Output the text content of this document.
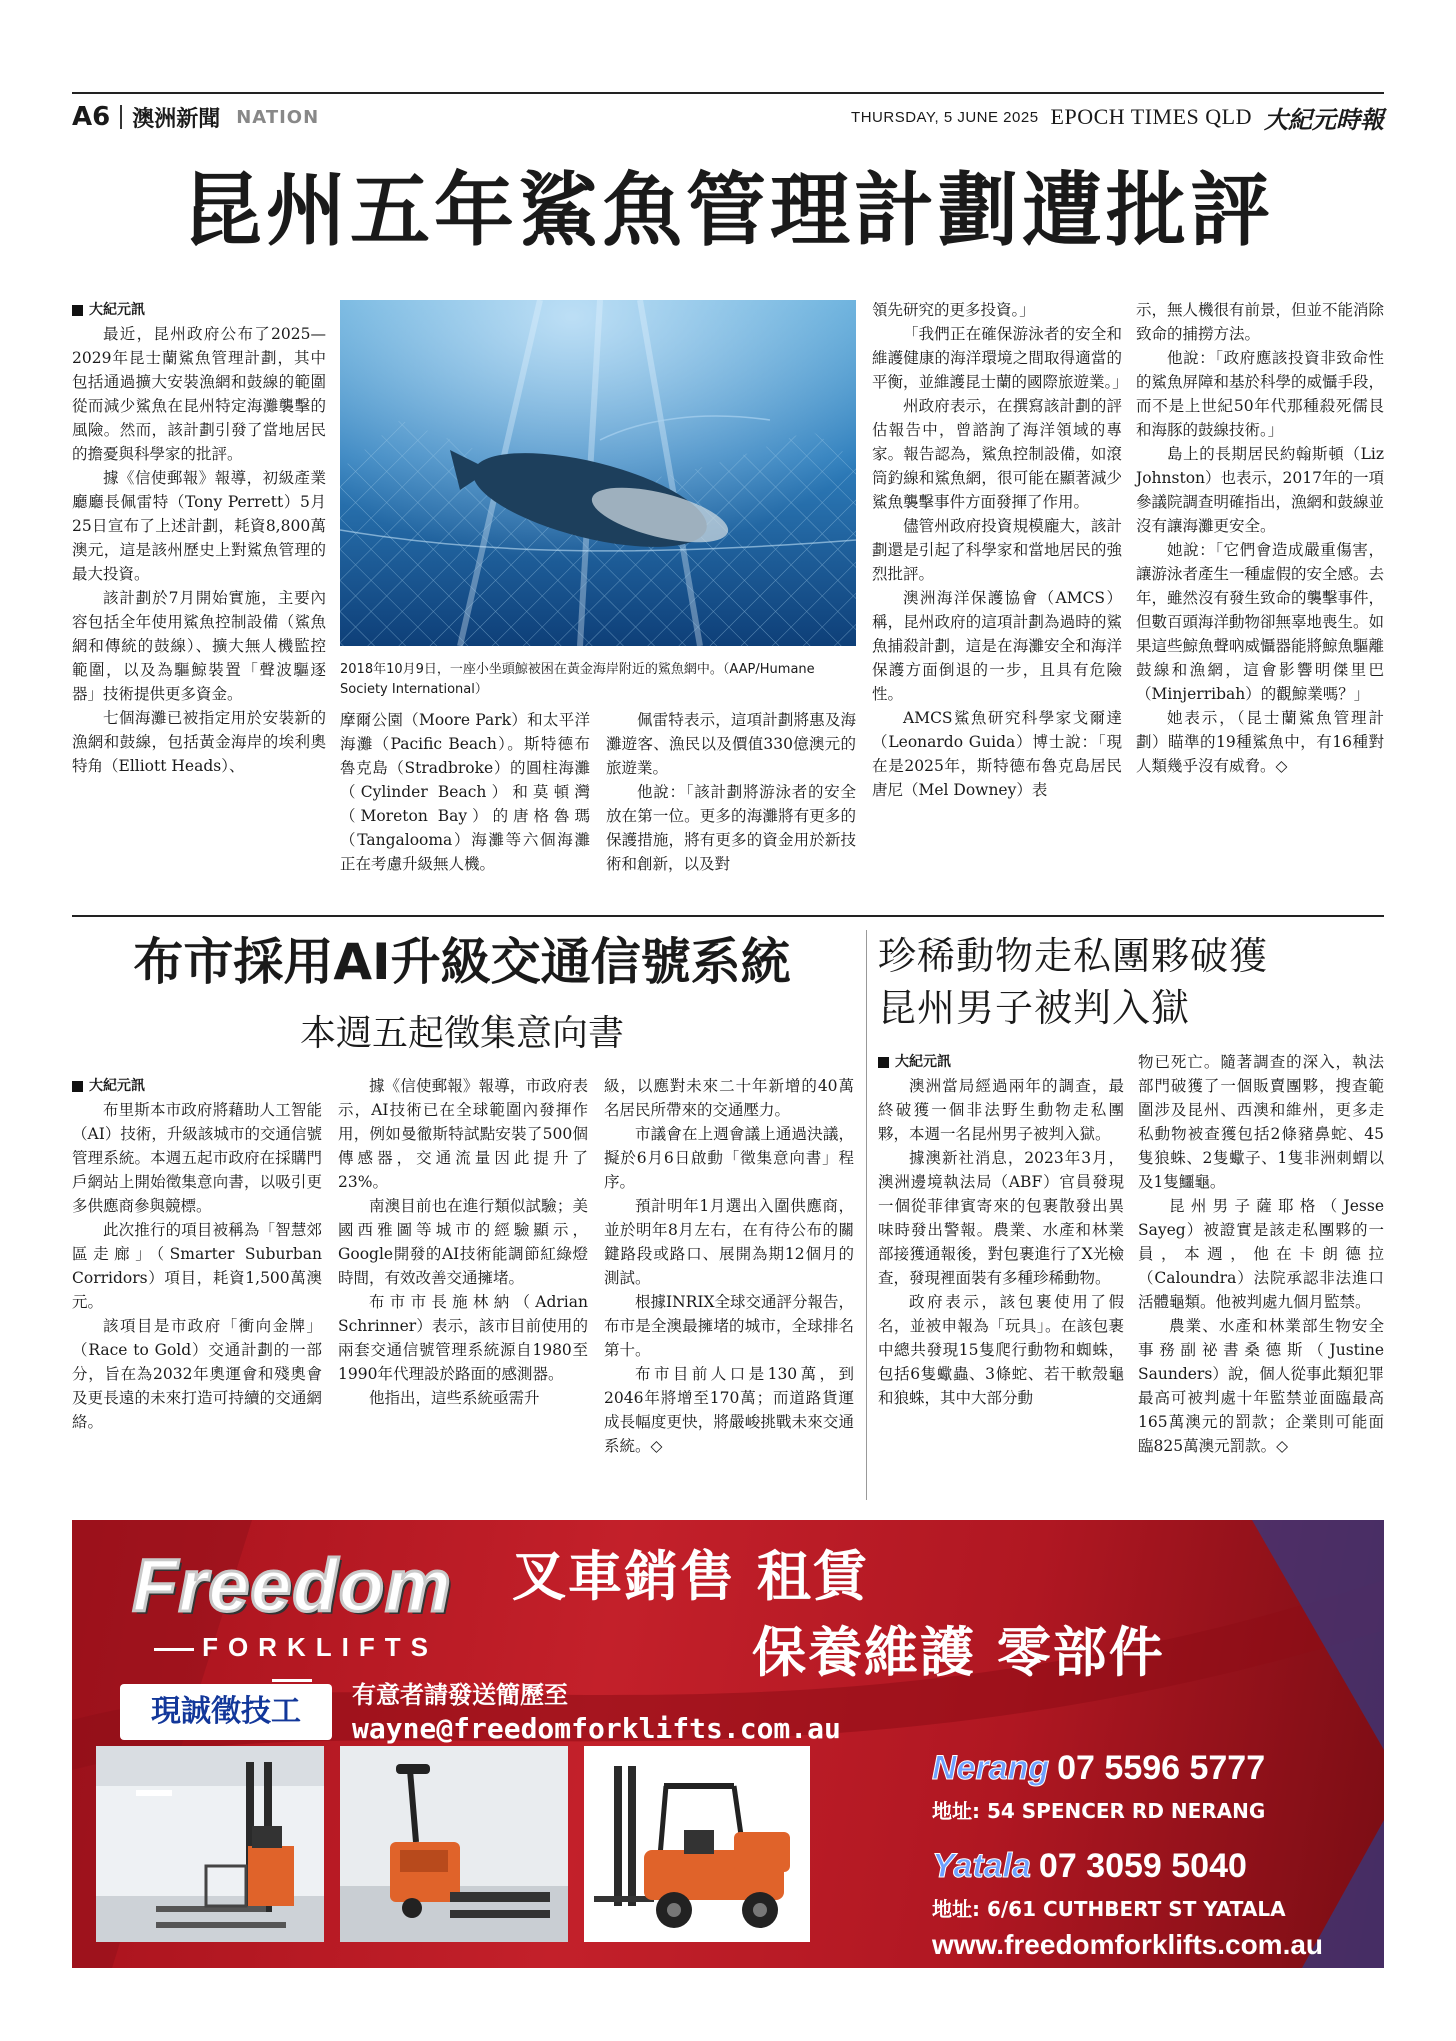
A6 澳洲新聞 NATION	THURSDAY, 5 JUNE 2025 EPOCH TIMES QLD 大紀元時報
昆州五年鯊魚管理計劃遭批評
大紀元訊

最近，昆州政府公布了2025—2029年昆士蘭鯊魚管理計劃，其中包括通過擴大安裝漁網和鼓線的範圍從而減少鯊魚在昆州特定海灘襲擊的風險。然而，該計劃引發了當地居民的擔憂與科學家的批評。

據《信使郵報》報導，初級產業廳廳長佩雷特（Tony Perrett）5月25日宣布了上述計劃，耗資8,800萬澳元，這是該州歷史上對鯊魚管理的最大投資。

該計劃於7月開始實施，主要內容包括全年使用鯊魚控制設備（鯊魚網和傳統的鼓線）、擴大無人機監控範圍，以及為驅鯨裝置「聲波驅逐器」技術提供更多資金。

七個海灘已被指定用於安裝新的漁網和鼓線，包括黃金海岸的埃利奧特角（Elliott Heads）、

2018年10月9日，一座小坐頭鯨被困在黃金海岸附近的鯊魚網中。（AAP/Humane Society International）

摩爾公園（Moore Park）和太平洋海灘（Pacific Beach）。斯特德布魯克島（Stradbroke）的圓柱海灘（Cylinder Beach）和莫頓灣（Moreton Bay）的唐格魯瑪（Tangalooma）海灘等六個海灘正在考慮升級無人機。

佩雷特表示，這項計劃將惠及海灘遊客、漁民以及價值330億澳元的旅遊業。

他說：「該計劃將游泳者的安全放在第一位。更多的海灘將有更多的保護措施，將有更多的資金用於新技術和創新，以及對

領先研究的更多投資。」

「我們正在確保游泳者的安全和維護健康的海洋環境之間取得適當的平衡，並維護昆士蘭的國際旅遊業。」

州政府表示，在撰寫該計劃的評估報告中，曾諮詢了海洋領域的專家。報告認為，鯊魚控制設備，如滾筒釣線和鯊魚網，很可能在顯著減少鯊魚襲擊事件方面發揮了作用。

儘管州政府投資規模龐大，該計劃還是引起了科學家和當地居民的強烈批評。

澳洲海洋保護協會（AMCS）稱，昆州政府的這項計劃為過時的鯊魚捕殺計劃，這是在海灘安全和海洋保護方面倒退的一步，且具有危險性。

AMCS鯊魚研究科學家戈爾達（Leonardo Guida）博士說：「現在是2025年，斯特德布魯克島居民唐尼（Mel Downey）表

示，無人機很有前景，但並不能消除致命的捕撈方法。

他說：「政府應該投資非致命性的鯊魚屏障和基於科學的威懾手段，而不是上世紀50年代那種殺死儒艮和海豚的鼓線技術。」

島上的長期居民約翰斯頓（Liz Johnston）也表示，2017年的一項參議院調查明確指出，漁網和鼓線並沒有讓海灘更安全。

她說：「它們會造成嚴重傷害，讓游泳者產生一種虛假的安全感。去年，雖然沒有發生致命的襲擊事件，但數百頭海洋動物卻無辜地喪生。如果這些鯨魚聲吶威懾器能將鯨魚驅離鼓線和漁網，這會影響明傑里巴（Minjerribah）的觀鯨業嗎？」

她表示，（昆士蘭鯊魚管理計劃）瞄準的19種鯊魚中，有16種對人類幾乎沒有威脅。◇

布市採用AI升級交通信號系統
本週五起徵集意向書
大紀元訊

布里斯本市政府將藉助人工智能（AI）技術，升級該城市的交通信號管理系統。本週五起市政府在採購門戶網站上開始徵集意向書，以吸引更多供應商參與競標。

此次推行的項目被稱為「智慧郊區走廊」（Smarter Suburban Corridors）項目，耗資1,500萬澳元。

該項目是市政府「衝向金牌」（Race to Gold）交通計劃的一部分，旨在為2032年奧運會和殘奧會及更長遠的未來打造可持續的交通網絡。

據《信使郵報》報導，市政府表示，AI技術已在全球範圍內發揮作用，例如曼徹斯特試點安裝了500個傳感器，交通流量因此提升了23%。

南澳目前也在進行類似試驗；美國西雅圖等城市的經驗顯示，Google開發的AI技術能調節紅綠燈時間，有效改善交通擁堵。

布市市長施林納（Adrian Schrinner）表示，該市目前使用的兩套交通信號管理系統源自1980至1990年代理設於路面的感測器。

他指出，這些系統亟需升

級，以應對未來二十年新增的40萬名居民所帶來的交通壓力。

市議會在上週會議上通過決議，擬於6月6日啟動「徵集意向書」程序。

預計明年1月選出入圍供應商，並於明年8月左右，在有待公布的關鍵路段或路口、展開為期12個月的測試。

根據INRIX全球交通評分報告，布市是全澳最擁堵的城市，全球排名第十。

布市目前人口是130萬，到2046年將增至170萬；而道路貨運成長幅度更快，將嚴峻挑戰未來交通系統。◇

珍稀動物走私團夥破獲
昆州男子被判入獄
大紀元訊

澳洲當局經過兩年的調查，最終破獲一個非法野生動物走私團夥，本週一名昆州男子被判入獄。

據澳新社消息，2023年3月，澳洲邊境執法局（ABF）官員發現一個從菲律賓寄來的包裹散發出異味時發出警報。農業、水產和林業部接獲通報後，對包裹進行了X光檢查，發現裡面裝有多種珍稀動物。

政府表示，該包裹使用了假名，並被申報為「玩具」。在該包裹中總共發現15隻爬行動物和蜘蛛，包括6隻蠍蟲、3條蛇、若干軟殼龜和狼蛛，其中大部分動

物已死亡。隨著調查的深入，執法部門破獲了一個販賣團夥，搜查範圍涉及昆州、西澳和維州，更多走私動物被查獲包括2條豬鼻蛇、45隻狼蛛、2隻蠍子、1隻非洲刺蝟以及1隻鱷龜。

昆州男子薩耶格（Jesse Sayeg）被證實是該走私團夥的一員，本週，他在卡朗德拉（Caloundra）法院承認非法進口活體龜類。他被判處九個月監禁。

農業、水產和林業部生物安全事務副祕書桑德斯（Justine Saunders）說，個人從事此類犯罪最高可被判處十年監禁並面臨最高165萬澳元的罰款；企業則可能面臨825萬澳元罰款。◇

Freedom
FORKLIFTS
叉車銷售 租賃
保養維護 零部件
現誠徵技工	有意者請發送簡歷至
wayne@freedomforklifts.com.au
Nerang 07 5596 5777
地址: 54 SPENCER RD NERANG
Yatala 07 3059 5040
地址: 6/61 CUTHBERT ST YATALA
www.freedomforklifts.com.au
